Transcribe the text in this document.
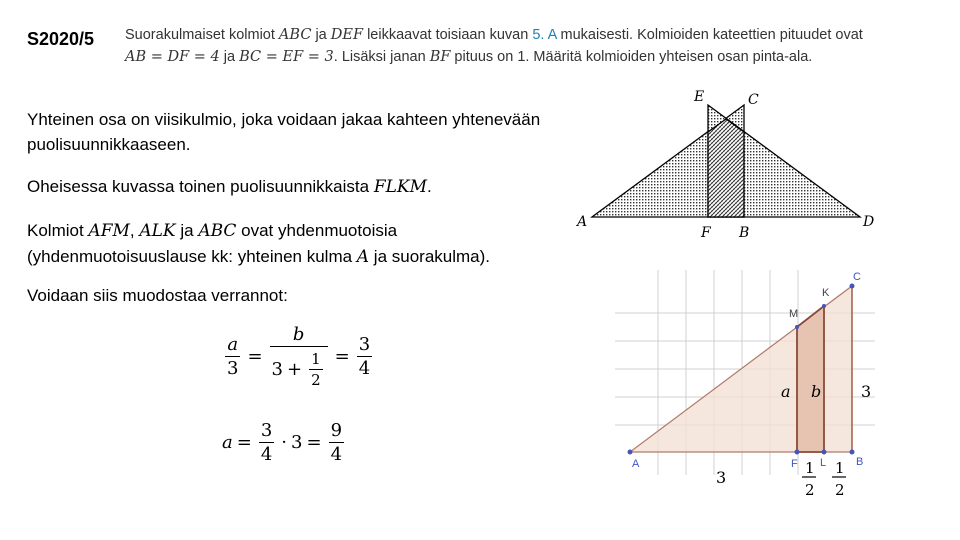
S2020/5 Suorakulmaiset kolmiot ABC ja DEF leikkaavat toisiaan kuvan 5. A mukaisesti. Kolmioiden kateettien pituudet ovat
AB = DF = 4 ja BC = EF = 3. Lisäksi janan BF pituus on 1. Määritä kolmioiden yhteisen osan pinta-ala.
Yhteinen osa on viisikulmio, joka voidaan jakaa kahteen yhtenevään puolisuunnikkaaseen.
Oheisessa kuvassa toinen puolisuunnikkaista FLKM.
Kolmiot AFM, ALK ja ABC ovat yhdenmuotoisia (yhdenmuotoisuuslause kk: yhteinen kulma A ja suorakulma).
Voidaan siis muodostaa verrannot:
$\frac{a}{3} = \frac{b}{3 + \frac{1}{2}} = \frac{3}{4}$
$a = \frac{3}{4} \cdot 3 = \frac{9}{4}$
E	C
A	D
F B
A	F L	B
M
K
C
a b 3
3	1
2
1
2
